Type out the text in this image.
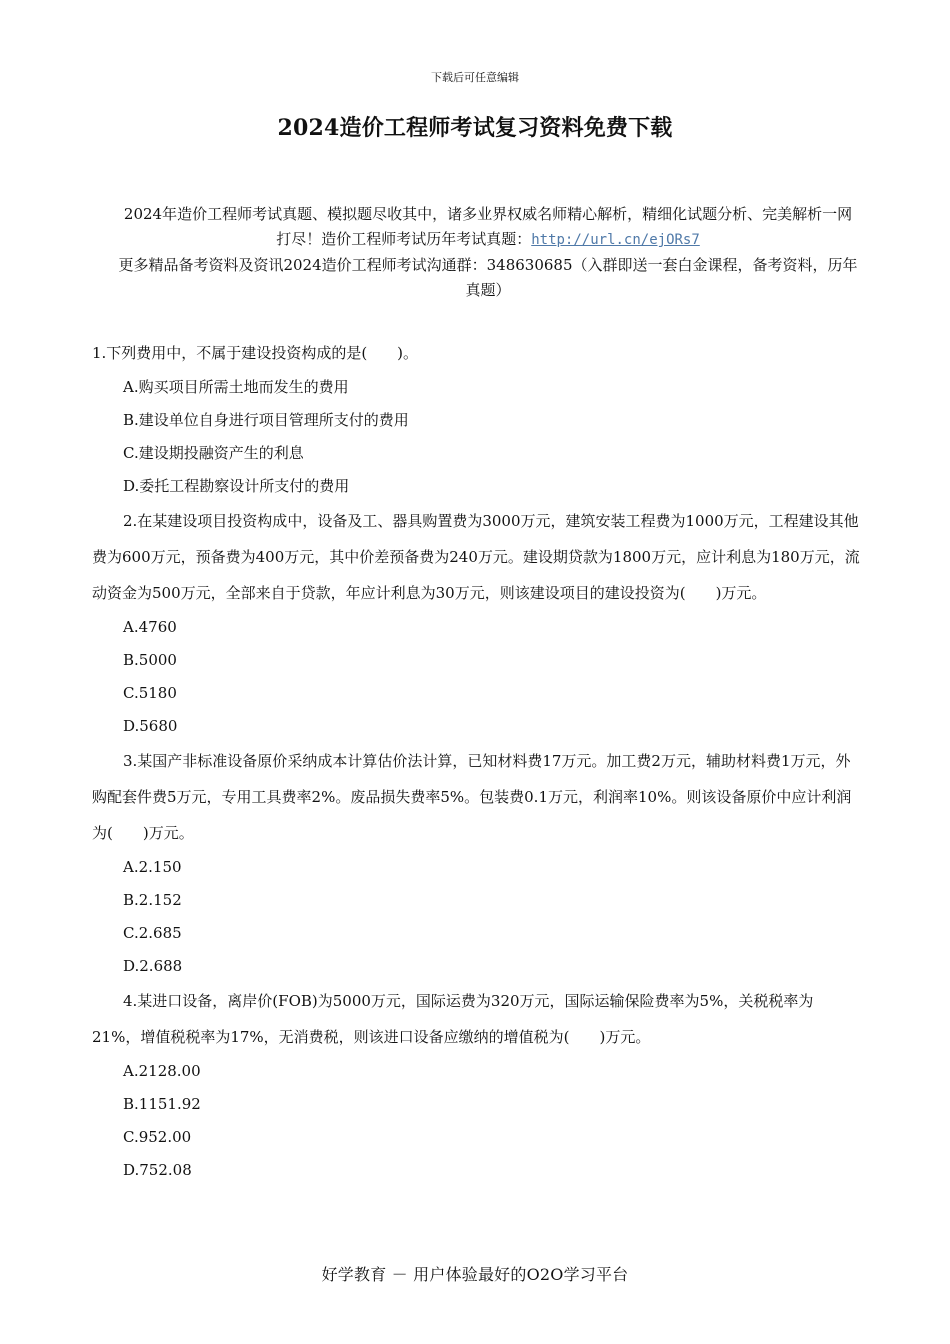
下载后可任意编辑
2024造价工程师考试复习资料免费下载

2024年造价工程师考试真题、模拟题尽收其中，诸多业界权威名师精心解析，精细化试题分析、完美解析一网打尽！造价工程师考试历年考试真题：http://url.cn/ejORs7

更多精品备考资料及资讯2024造价工程师考试沟通群：348630685（入群即送一套白金课程，备考资料，历年真题）

1.下列费用中，不属于建设投资构成的是(　　)。

A.购买项目所需土地而发生的费用

B.建设单位自身进行项目管理所支付的费用

C.建设期投融资产生的利息

D.委托工程勘察设计所支付的费用

2.在某建设项目投资构成中，设备及工、器具购置费为3000万元，建筑安装工程费为1000万元，工程建设其他费为600万元，预备费为400万元，其中价差预备费为240万元。建设期贷款为1800万元，应计利息为180万元，流动资金为500万元，全部来自于贷款，年应计利息为30万元，则该建设项目的建设投资为(　　)万元。

A.4760

B.5000

C.5180

D.5680

3.某国产非标准设备原价采纳成本计算估价法计算，已知材料费17万元。加工费2万元，辅助材料费1万元，外购配套件费5万元，专用工具费率2%。废品损失费率5%。包装费0.1万元，利润率10%。则该设备原价中应计利润为(　　)万元。

A.2.150

B.2.152

C.2.685

D.2.688

4.某进口设备，离岸价(FOB)为5000万元，国际运费为320万元，国际运输保险费率为5%，关税税率为21%，增值税税率为17%，无消费税，则该进口设备应缴纳的增值税为(　　)万元。

A.2128.00

B.1151.92

C.952.00

D.752.08

好学教育 － 用户体验最好的O2O学习平台
